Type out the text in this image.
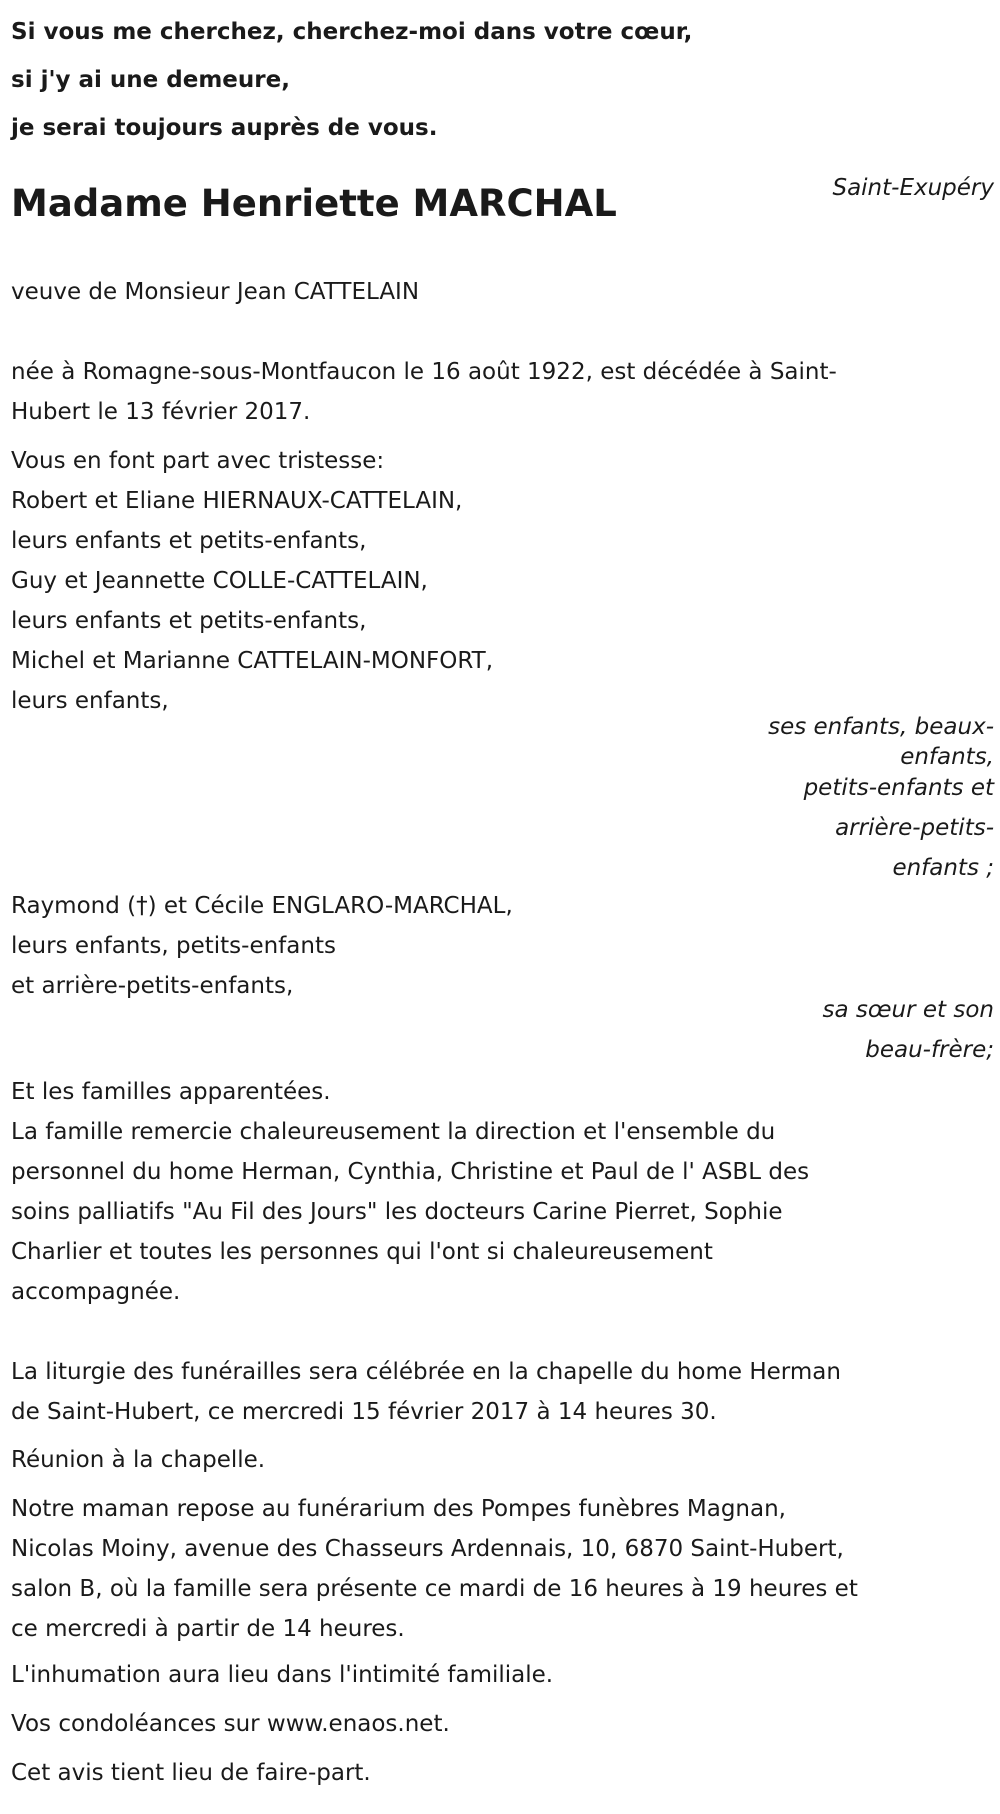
Si vous me cherchez, cherchez-moi dans votre cœur,
si j'y ai une demeure,
je serai toujours auprès de vous.
Saint-Exupéry
Madame Henriette MARCHAL
veuve de Monsieur Jean CATTELAIN
née à Romagne-sous-Montfaucon le 16 août 1922, est décédée à Saint-
Hubert le 13 février 2017.
Vous en font part avec tristesse:
Robert et Eliane HIERNAUX-CATTELAIN,
leurs enfants et petits-enfants,
Guy et Jeannette COLLE-CATTELAIN,
leurs enfants et petits-enfants,
Michel et Marianne CATTELAIN-MONFORT,
leurs enfants,
ses enfants, beaux-
enfants,
petits-enfants et
arrière-petits-
enfants ;
Raymond (†) et Cécile ENGLARO-MARCHAL,
leurs enfants, petits-enfants
et arrière-petits-enfants,
sa sœur et son
beau-frère;
Et les familles apparentées.
La famille remercie chaleureusement la direction et l'ensemble du
personnel du home Herman, Cynthia, Christine et Paul de l' ASBL des
soins palliatifs "Au Fil des Jours" les docteurs Carine Pierret, Sophie
Charlier et toutes les personnes qui l'ont si chaleureusement
accompagnée.
La liturgie des funérailles sera célébrée en la chapelle du home Herman
de Saint-Hubert, ce mercredi 15 février 2017 à 14 heures 30.
Réunion à la chapelle.
Notre maman repose au funérarium des Pompes funèbres Magnan,
Nicolas Moiny, avenue des Chasseurs Ardennais, 10, 6870 Saint-Hubert,
salon B, où la famille sera présente ce mardi de 16 heures à 19 heures et
ce mercredi à partir de 14 heures.
L'inhumation aura lieu dans l'intimité familiale.
Vos condoléances sur www.enaos.net.
Cet avis tient lieu de faire-part.
